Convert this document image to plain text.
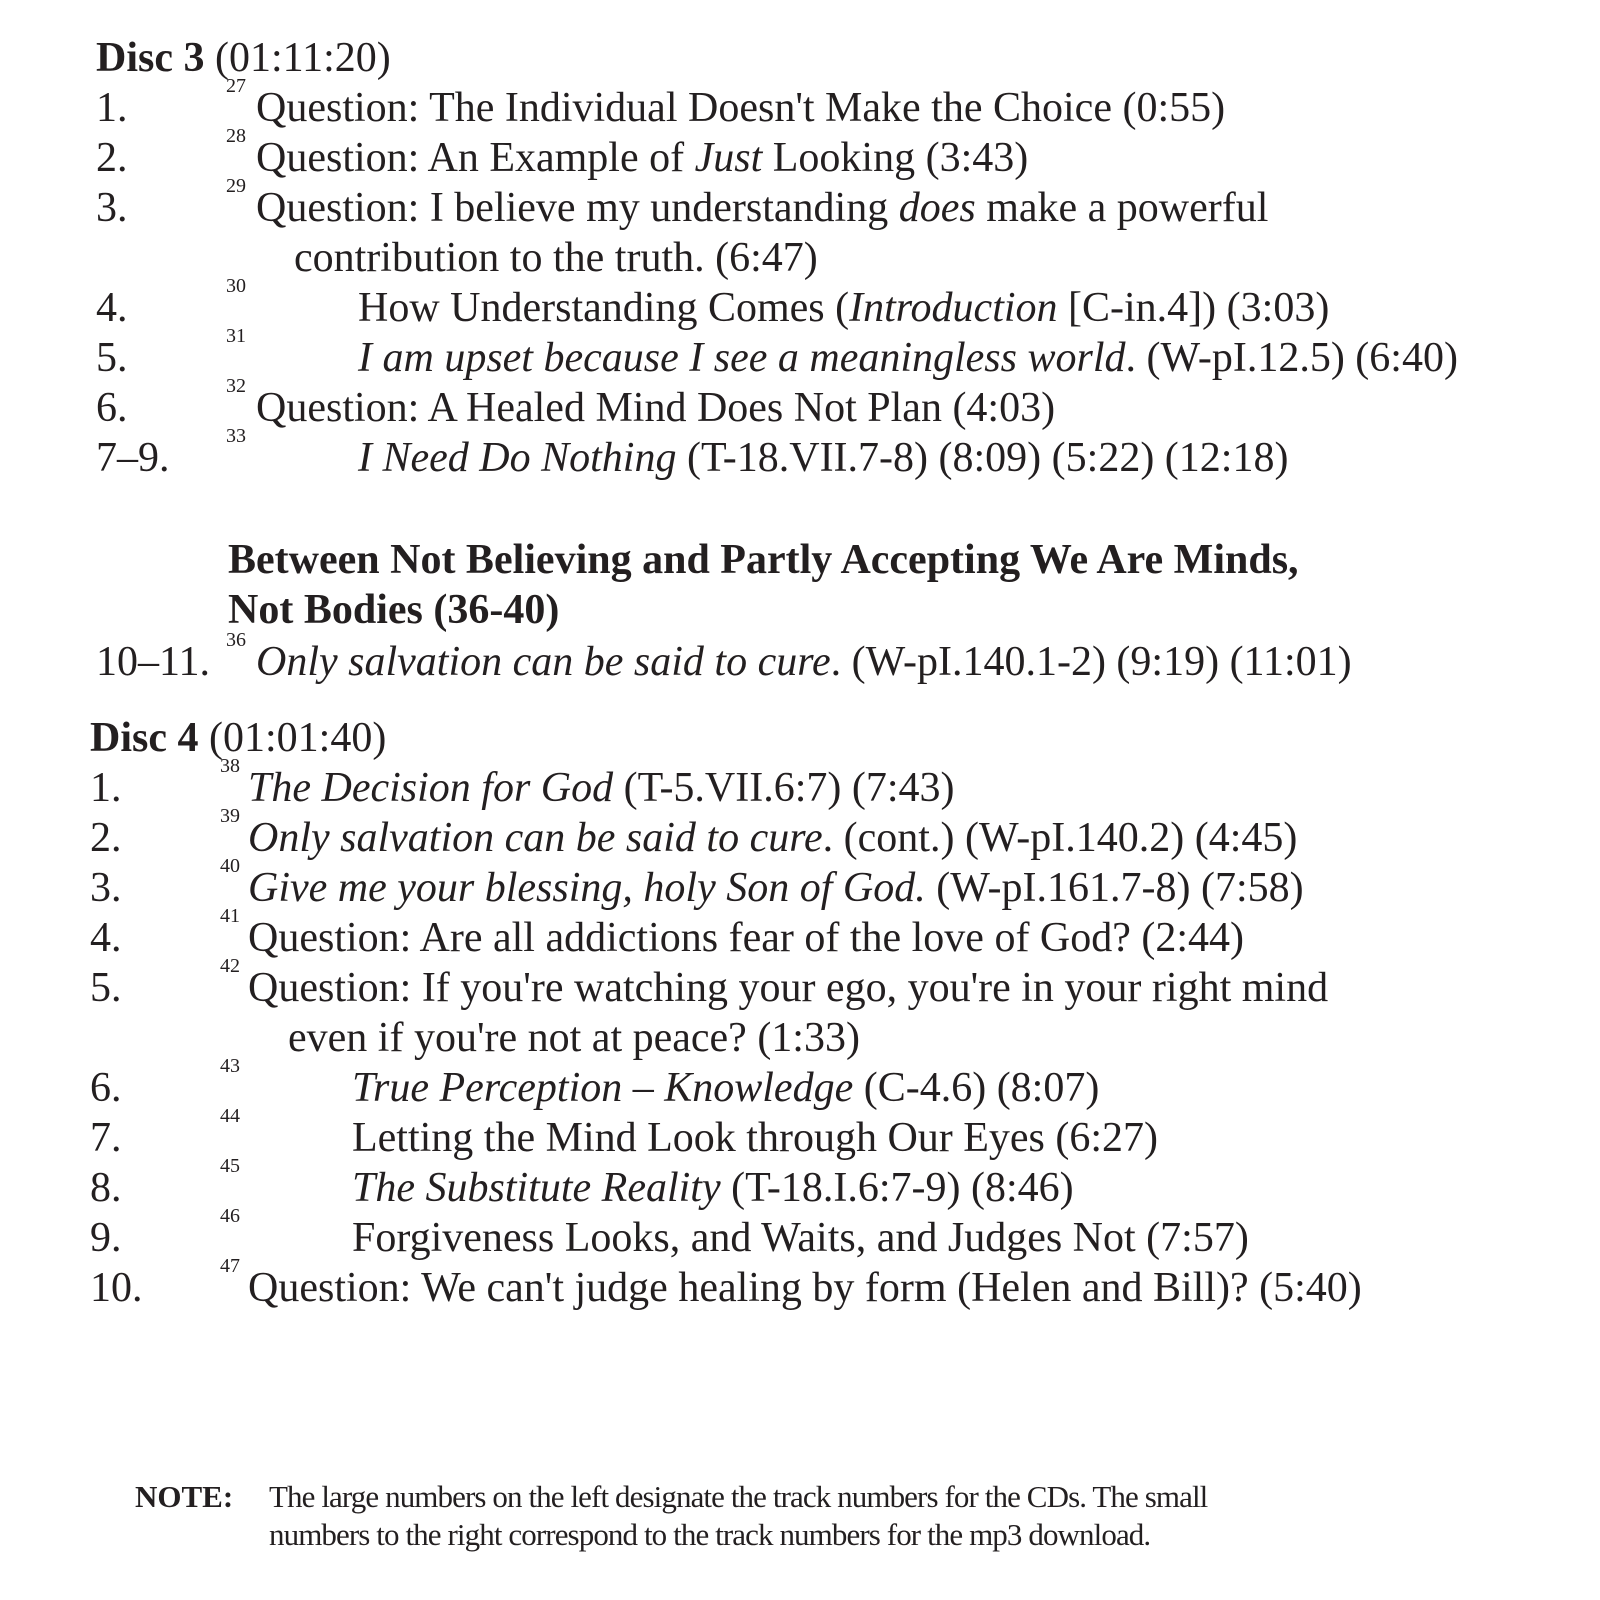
Disc 3 (01:11:20)
1.	27 Question: The Individual Doesn't Make the Choice (0:55)
2.	28 Question: An Example of Just Looking (3:43)
3.	29 Question: I believe my understanding does make a powerful
contribution to the truth. (6:47)
4.	30	How Understanding Comes (Introduction [C-in.4]) (3:03)
5.	31	I am upset because I see a meaningless world. (W-pI.12.5) (6:40)
6.	32 Question: A Healed Mind Does Not Plan (4:03)
7–9.	33	I Need Do Nothing (T-18.VII.7-8) (8:09) (5:22) (12:18)
Between Not Believing and Partly Accepting We Are Minds,
Not Bodies (36-40)
10–11. 36 Only salvation can be said to cure. (W-pI.140.1-2) (9:19) (11:01)
Disc 4 (01:01:40)
1.	38 The Decision for God (T-5.VII.6:7) (7:43)
2.	39 Only salvation can be said to cure. (cont.) (W-pI.140.2) (4:45)
3.	40 Give me your blessing, holy Son of God. (W-pI.161.7-8) (7:58)
4.	41 Question: Are all addictions fear of the love of God? (2:44)
5.	42 Question: If you're watching your ego, you're in your right mind
even if you're not at peace? (1:33)
6.	43	True Perception – Knowledge (C-4.6) (8:07)
7.	44	Letting the Mind Look through Our Eyes (6:27)
8.	45	The Substitute Reality (T-18.I.6:7-9) (8:46)
9.	46	Forgiveness Looks, and Waits, and Judges Not (7:57)
10.	47 Question: We can't judge healing by form (Helen and Bill)? (5:40)
NOTE: The large numbers on the left designate the track numbers for the CDs. The small
numbers to the right correspond to the track numbers for the mp3 download.
